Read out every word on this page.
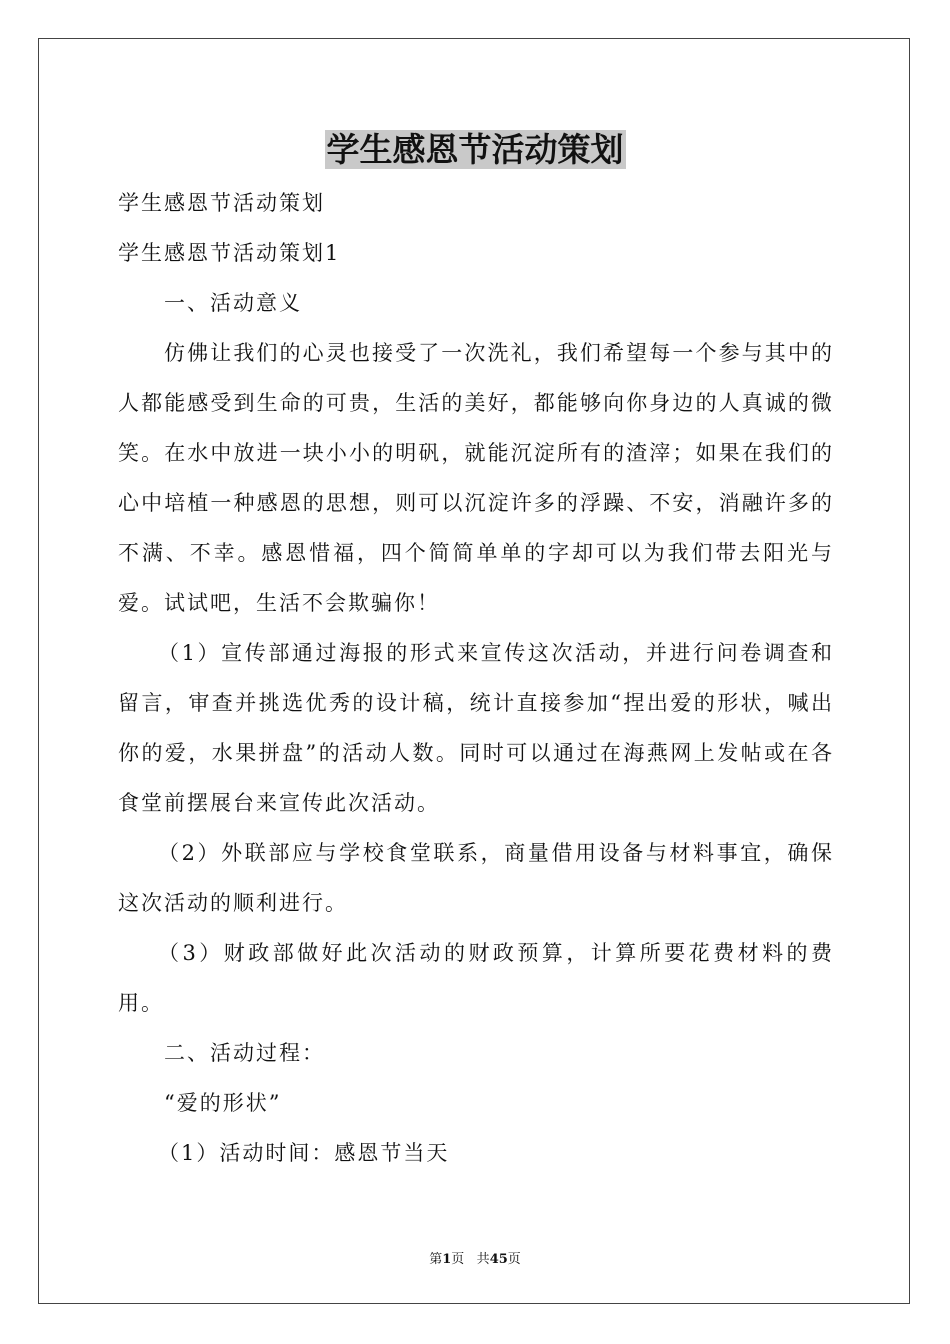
学生感恩节活动策划

学生感恩节活动策划

学生感恩节活动策划1

一、活动意义

仿佛让我们的心灵也接受了一次洗礼，我们希望每一个参与其中的人都能感受到生命的可贵，生活的美好，都能够向你身边的人真诚的微笑。在水中放进一块小小的明矾，就能沉淀所有的渣滓；如果在我们的心中培植一种感恩的思想，则可以沉淀许多的浮躁、不安，消融许多的不满、不幸。感恩惜福，四个简简单单的字却可以为我们带去阳光与爱。试试吧，生活不会欺骗你！

（1）宣传部通过海报的形式来宣传这次活动，并进行问卷调查和留言，审查并挑选优秀的设计稿，统计直接参加“捏出爱的形状，喊出你的爱，水果拼盘”的活动人数。同时可以通过在海燕网上发帖或在各食堂前摆展台来宣传此次活动。

（2）外联部应与学校食堂联系，商量借用设备与材料事宜，确保这次活动的顺利进行。

（3）财政部做好此次活动的财政预算，计算所要花费材料的费用。

二、活动过程：

“爱的形状”

（1）活动时间：感恩节当天

第1页 共45页
